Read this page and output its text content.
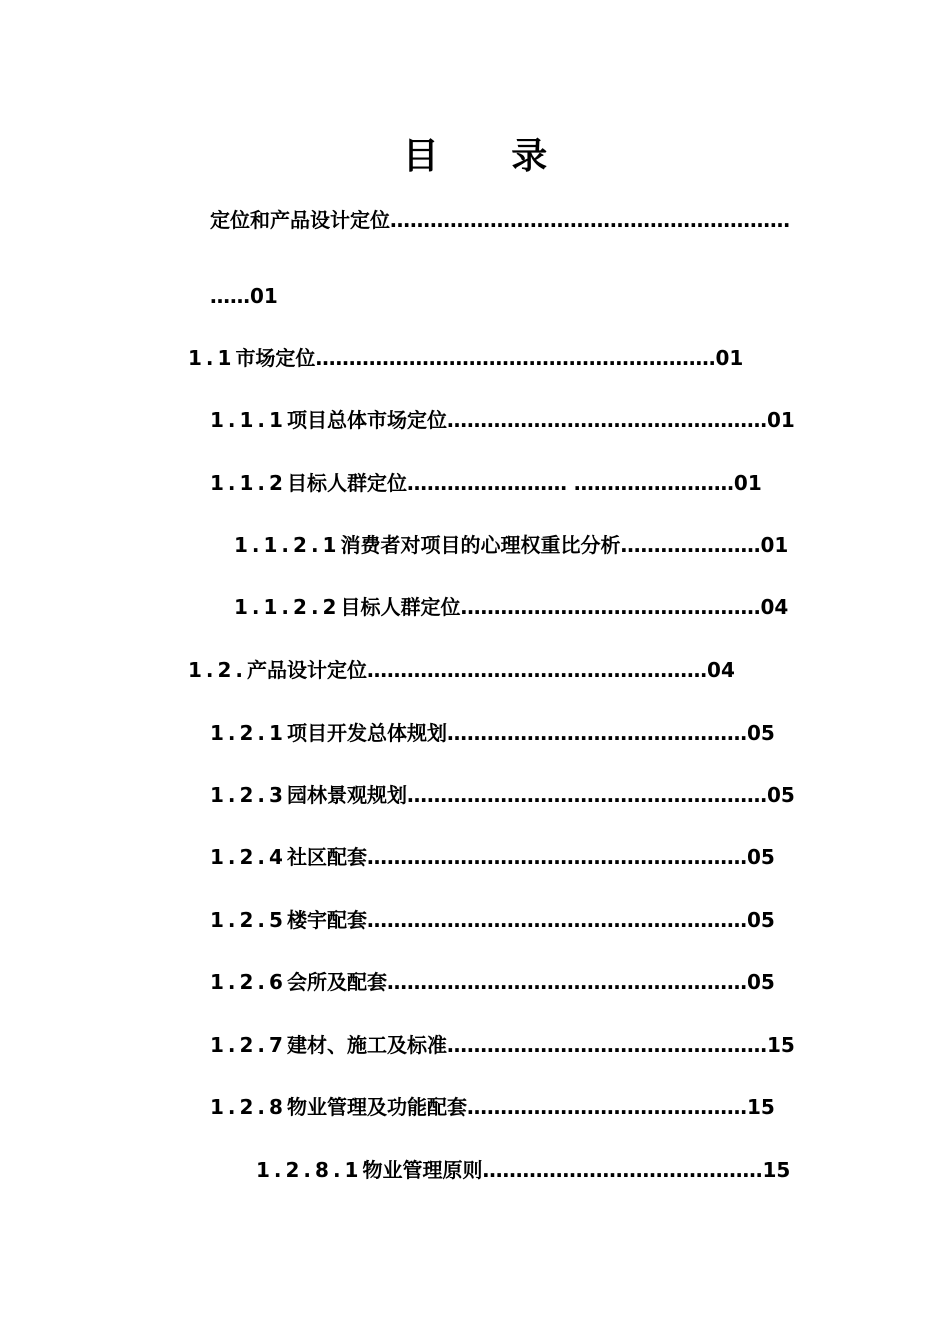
目 录
定位和产品设计定位……………………………………………………
……01
1.1市场定位……………………………………………………01
1.1.1项目总体市场定位…………………………………………01
1.1.2目标人群定位…………………… ……………………01
1.1.2.1消费者对项目的心理权重比分析…………………01
1.1.2.2目标人群定位………………………………………04
1.2.产品设计定位……………………………………………04
1.2.1项目开发总体规划………………………………………05
1.2.3园林景观规划………………………………………………05
1.2.4社区配套…………………………………………………05
1.2.5楼宇配套…………………………………………………05
1.2.6会所及配套………………………………………………05
1.2.7建材、施工及标准…………………………………………15
1.2.8物业管理及功能配套……………………………………15
1.2.8.1物业管理原则……………………………………15
